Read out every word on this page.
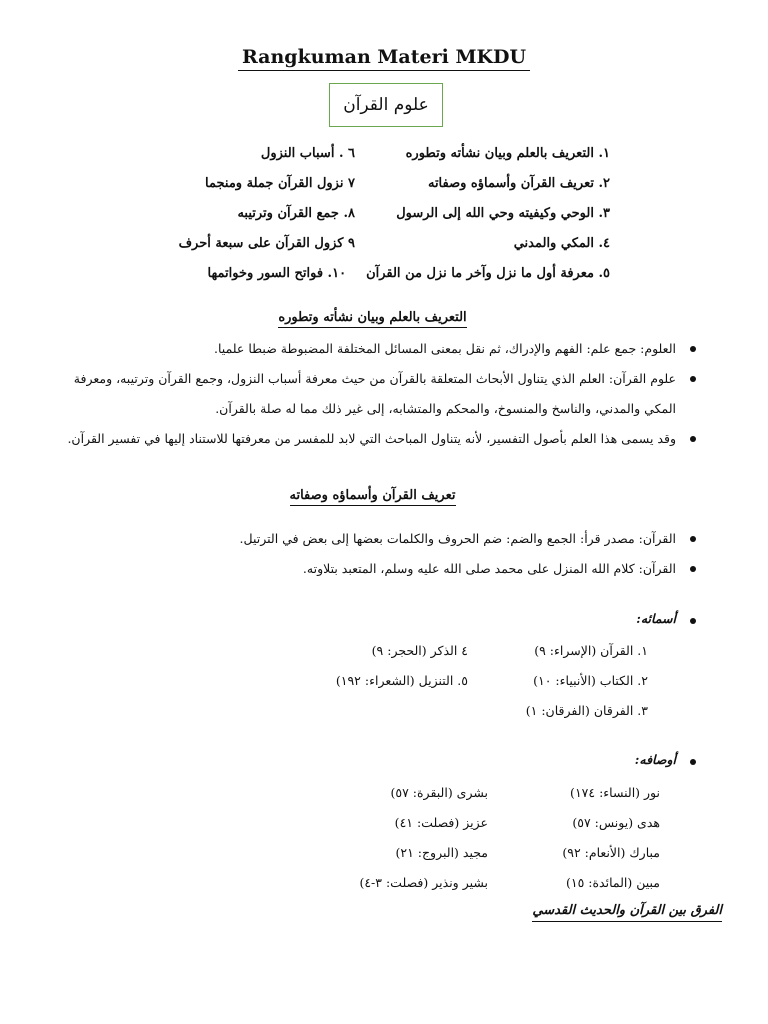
Rangkuman Materi MKDU
علوم القرآن
١. التعريف بالعلم وبيان نشأته وتطوره
٦ . أسباب النزول
٢. تعريف القرآن وأسماؤه وصفاته
٧ نزول القرآن جملة ومنجما
٣. الوحي وكيفيته وحي الله إلى الرسول
٨. جمع القرآن وترتيبه
٤. المكي والمدني
٩ كزول القرآن على سبعة أحرف
٥. معرفة أول ما نزل وآخر ما نزل من القرآن
١٠. فواتح السور وخواتمها
التعريف بالعلم وبيان نشأته وتطوره
العلوم: جمع علم: الفهم والإدراك، ثم نقل بمعنى المسائل المختلفة المضبوطة ضبطا علميا.
علوم القرآن: العلم الذي يتناول الأبحاث المتعلقة بالقرآن من حيث معرفة أسباب النزول، وجمع القرآن وترتيبه، ومعرفة المكي والمدني، والناسخ والمنسوخ، والمحكم والمتشابه، إلى غير ذلك مما له صلة بالقرآن.
وقد يسمى هذا العلم بأصول التفسير، لأنه يتناول المباحث التي لابد للمفسر من معرفتها للاستناد إليها في تفسير القرآن.
تعريف القرآن وأسماؤه وصفاته
القرآن: مصدر قرأ: الجمع والضم: ضم الحروف والكلمات بعضها إلى بعض في الترتيل.
القرآن: كلام الله المنزل على محمد صلى الله عليه وسلم، المتعبد بتلاوته.
أسمائه:
١. القرآن (الإسراء: ٩)
٤ الذكر (الحجر: ٩)
٢. الكتاب (الأنبياء: ١٠)
٥. التنزيل (الشعراء: ١٩٢)
٣. الفرقان (الفرقان: ١)
أوصافه:
نور (النساء: ١٧٤)
بشرى (البقرة: ٥٧)
هدى (يونس: ٥٧)
عزيز (فصلت: ٤١)
مبارك (الأنعام: ٩٢)
مجيد (البروج: ٢١)
مبين (المائدة: ١٥)
بشير ونذير (فصلت: ٣-٤)
الفرق بين القرآن والحديث القدسي
